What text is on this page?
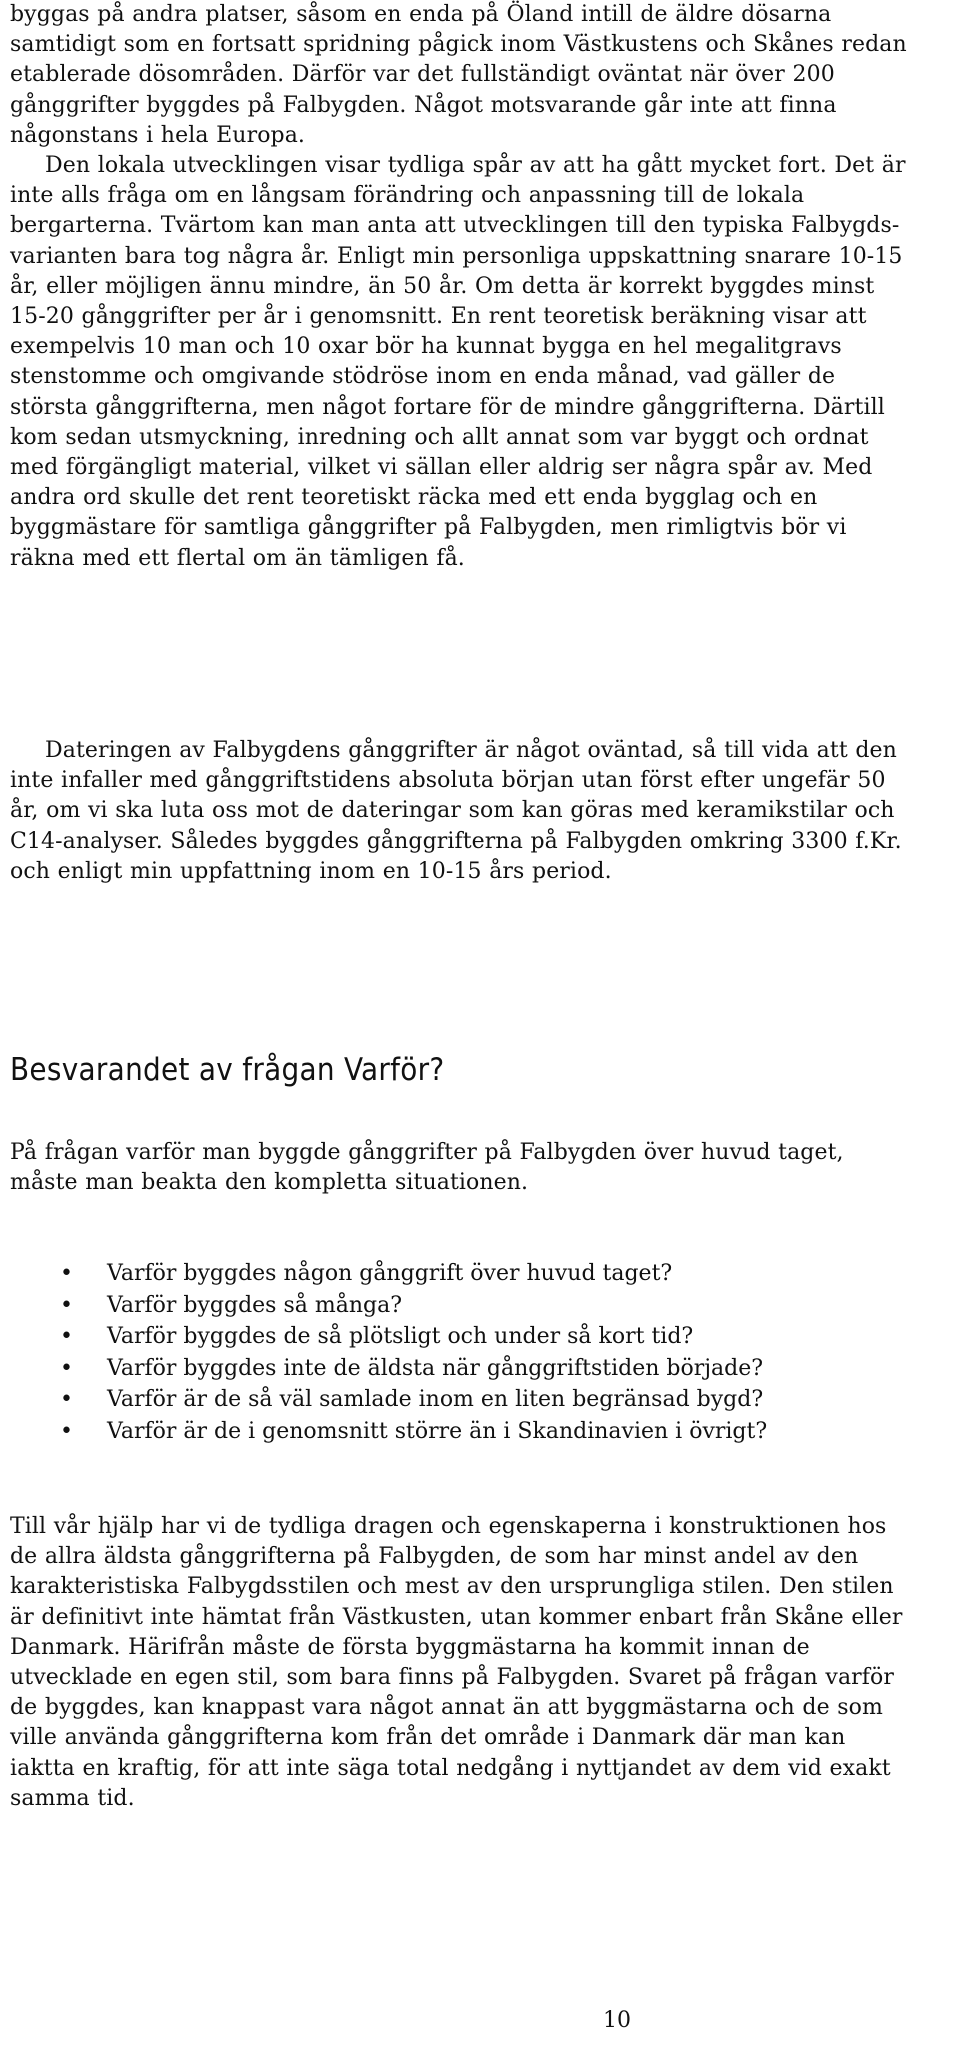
byggas på andra platser, såsom en enda på Öland intill de äldre dösarna samtidigt som en fortsatt spridning pågick inom Västkustens och Skånes redan etablerade dösområden. Därför var det fullständigt oväntat när över 200 gånggrifter byggdes på Falbygden. Något motsvarande går inte att finna någonstans i hela Europa.

Den lokala utvecklingen visar tydliga spår av att ha gått mycket fort. Det är inte alls fråga om en långsam förändring och anpassning till de lokala bergarterna. Tvärtom kan man anta att utvecklingen till den typiska Falbygds-varianten bara tog några år. Enligt min personliga uppskattning snarare 10-15 år, eller möjligen ännu mindre, än 50 år. Om detta är korrekt byggdes minst 15-20 gånggrifter per år i genomsnitt. En rent teoretisk beräkning visar att exempelvis 10 man och 10 oxar bör ha kunnat bygga en hel megalitgravs stenstomme och omgivande stödröse inom en enda månad, vad gäller de största gånggrifterna, men något fortare för de mindre gånggrifterna. Därtill kom sedan utsmyckning, inredning och allt annat som var byggt och ordnat med förgängligt material, vilket vi sällan eller aldrig ser några spår av. Med andra ord skulle det rent teoretiskt räcka med ett enda bygglag och en byggmästare för samtliga gånggrifter på Falbygden, men rimligtvis bör vi räkna med ett flertal om än tämligen få.

Dateringen av Falbygdens gånggrifter är något oväntad, så till vida att den inte infaller med gånggriftstidens absoluta början utan först efter ungefär 50 år, om vi ska luta oss mot de dateringar som kan göras med keramikstilar och C14-analyser. Således byggdes gånggrifterna på Falbygden omkring 3300 f.Kr. och enligt min uppfattning inom en 10-15 års period.

Besvarandet av frågan Varför?

På frågan varför man byggde gånggrifter på Falbygden över huvud taget, måste man beakta den kompletta situationen.

• Varför byggdes någon gånggrift över huvud taget?
• Varför byggdes så många?
• Varför byggdes de så plötsligt och under så kort tid?
• Varför byggdes inte de äldsta när gånggriftstiden började?
• Varför är de så väl samlade inom en liten begränsad bygd?
• Varför är de i genomsnitt större än i Skandinavien i övrigt?

Till vår hjälp har vi de tydliga dragen och egenskaperna i konstruktionen hos de allra äldsta gånggrifterna på Falbygden, de som har minst andel av den karakteristiska Falbygdsstilen och mest av den ursprungliga stilen. Den stilen är definitivt inte hämtat från Västkusten, utan kommer enbart från Skåne eller Danmark. Härifrån måste de första byggmästarna ha kommit innan de utvecklade en egen stil, som bara finns på Falbygden. Svaret på frågan varför de byggdes, kan knappast vara något annat än att byggmästarna och de som ville använda gånggrifterna kom från det område i Danmark där man kan iaktta en kraftig, för att inte säga total nedgång i nyttjandet av dem vid exakt samma tid.

10
